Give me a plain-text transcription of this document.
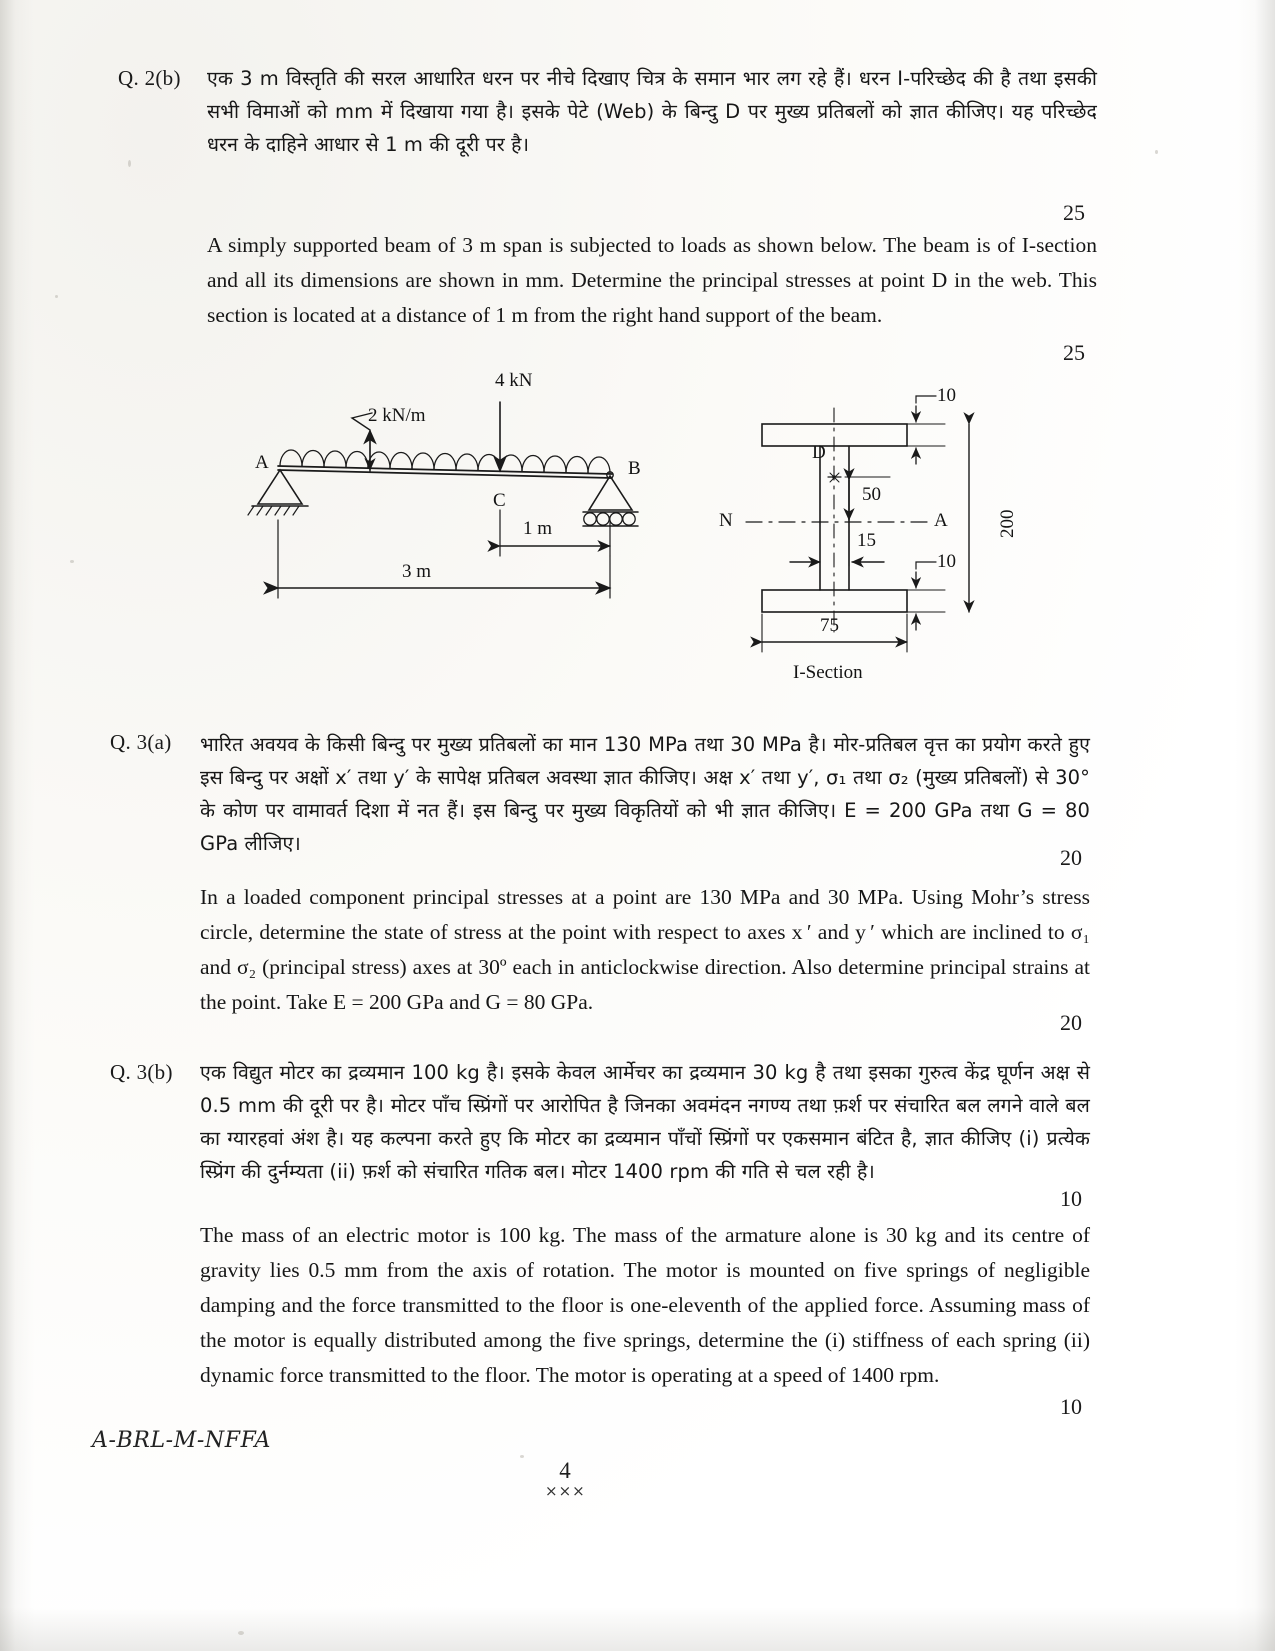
Q. 2(b) एक 3 m विस्तृति की सरल आधारित धरन पर नीचे दिखाए चित्र के समान भार लग रहे हैं। धरन I-परिच्छेद की है तथा इसकी सभी विमाओं को mm में दिखाया गया है। इसके पेटे (Web) के बिन्दु D पर मुख्य प्रतिबलों को ज्ञात कीजिए। यह परिच्छेद धरन के दाहिने आधार से 1 m की दूरी पर है।
25
A simply supported beam of 3 m span is subjected to loads as shown below. The beam is of I-section and all its dimensions are shown in mm. Determine the principal stresses at point D in the web. This section is located at a distance of 1 m from the right hand support of the beam.
25
4 kN
2 kN/m
A	B
C
1 m
3 m
10
10
D
50
15
N	A	200
75
I-Section
Q. 3(a) भारित अवयव के किसी बिन्दु पर मुख्य प्रतिबलों का मान 130 MPa तथा 30 MPa है। मोर-प्रतिबल वृत्त का प्रयोग करते हुए इस बिन्दु पर अक्षों x′ तथा y′ के सापेक्ष प्रतिबल अवस्था ज्ञात कीजिए। अक्ष x′ तथा y′, σ₁ तथा σ₂ (मुख्य प्रतिबलों) से 30° के कोण पर वामावर्त दिशा में नत हैं। इस बिन्दु पर मुख्य विकृतियों को भी ज्ञात कीजिए। E = 200 GPa तथा G = 80 GPa लीजिए।
20
In a loaded component principal stresses at a point are 130 MPa and 30 MPa. Using Mohr’s stress circle, determine the state of stress at the point with respect to axes x ′ and y ′ which are inclined to σ₁ and σ₂ (principal stress) axes at 30º each in anticlockwise direction. Also determine principal strains at the point. Take E = 200 GPa and G = 80 GPa.
20
Q. 3(b) एक विद्युत मोटर का द्रव्यमान 100 kg है। इसके केवल आर्मेचर का द्रव्यमान 30 kg है तथा इसका गुरुत्व केंद्र घूर्णन अक्ष से 0.5 mm की दूरी पर है। मोटर पाँच स्प्रिंगों पर आरोपित है जिनका अवमंदन नगण्य तथा फ़र्श पर संचारित बल लगने वाले बल का ग्यारहवां अंश है। यह कल्पना करते हुए कि मोटर का द्रव्यमान पाँचों स्प्रिंगों पर एकसमान बंटित है, ज्ञात कीजिए (i) प्रत्येक स्प्रिंग की दुर्नम्यता (ii) फ़र्श को संचारित गतिक बल। मोटर 1400 rpm की गति से चल रही है।
10
The mass of an electric motor is 100 kg. The mass of the armature alone is 30 kg and its centre of gravity lies 0.5 mm from the axis of rotation. The motor is mounted on five springs of negligible damping and the force transmitted to the floor is one-eleventh of the applied force. Assuming mass of the motor is equally distributed among the five springs, determine the (i) stiffness of each spring (ii) dynamic force transmitted to the floor. The motor is operating at a speed of 1400 rpm.
10
A-BRL-M-NFFA
4
×××
